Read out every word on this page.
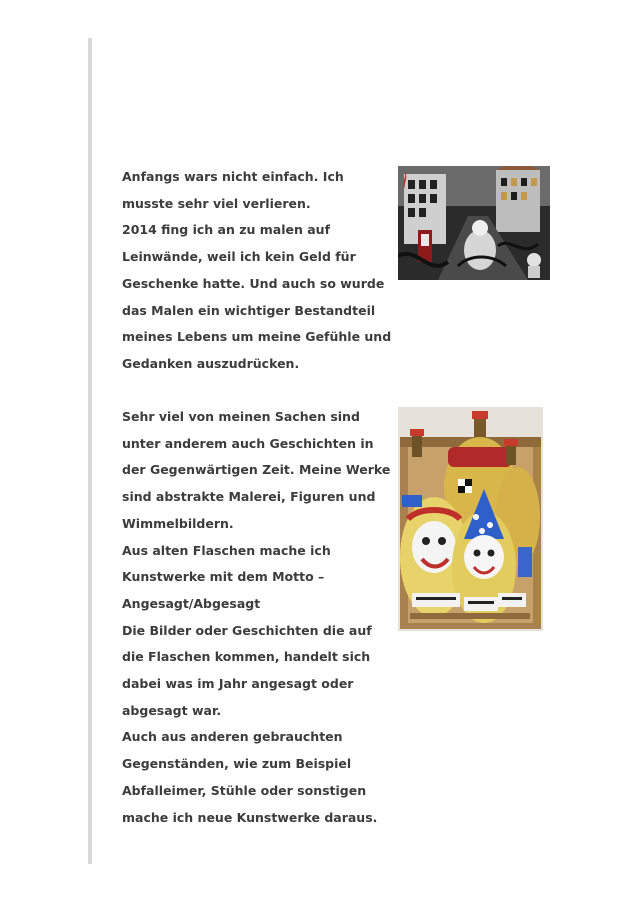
Anfangs wars nicht einfach. Ich
musste sehr viel verlieren.
2014 fing ich an zu malen auf
Leinwände, weil ich kein Geld für
Geschenke hatte. Und auch so wurde
das Malen ein wichtiger Bestandteil
meines Lebens um meine Gefühle und
Gedanken auszudrücken.

Sehr viel von meinen Sachen sind
unter anderem auch Geschichten in
der Gegenwärtigen Zeit. Meine Werke
sind abstrakte Malerei, Figuren und
Wimmelbildern.
Aus alten Flaschen mache ich
Kunstwerke mit dem Motto –
Angesagt/Abgesagt
Die Bilder oder Geschichten die auf
die Flaschen kommen, handelt sich
dabei was im Jahr angesagt oder
abgesagt war.
Auch aus anderen gebrauchten
Gegenständen, wie zum Beispiel
Abfalleimer, Stühle oder sonstigen
mache ich neue Kunstwerke daraus.
